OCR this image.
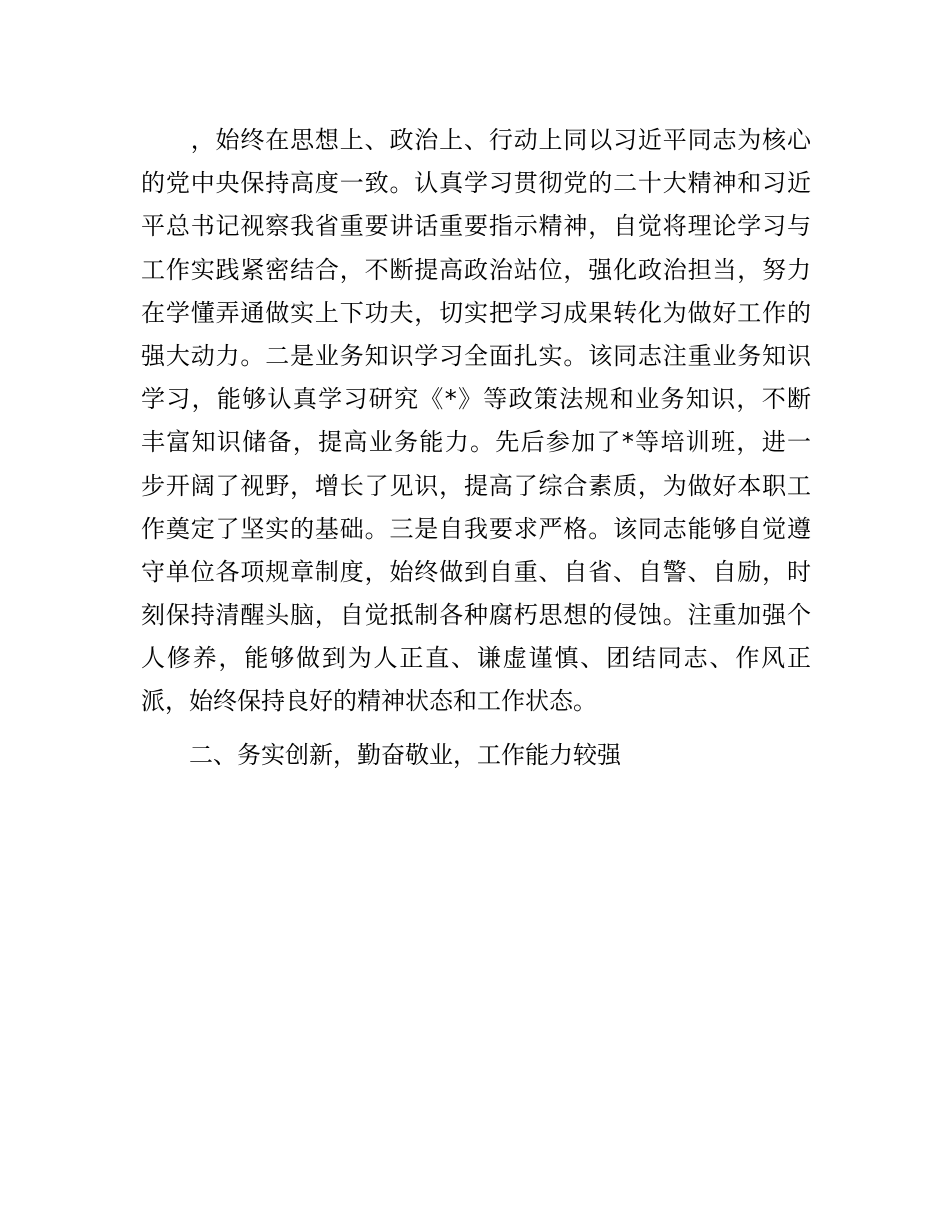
　　，始终在思想上、政治上、行动上同以习近平同志为核心
的党中央保持高度一致。认真学习贯彻党的二十大精神和习近
平总书记视察我省重要讲话重要指示精神，自觉将理论学习与
工作实践紧密结合，不断提高政治站位，强化政治担当，努力
在学懂弄通做实上下功夫，切实把学习成果转化为做好工作的
强大动力。二是业务知识学习全面扎实。该同志注重业务知识
学习，能够认真学习研究《*》等政策法规和业务知识，不断
丰富知识储备，提高业务能力。先后参加了*等培训班，进一
步开阔了视野，增长了见识，提高了综合素质，为做好本职工
作奠定了坚实的基础。三是自我要求严格。该同志能够自觉遵
守单位各项规章制度，始终做到自重、自省、自警、自励，时
刻保持清醒头脑，自觉抵制各种腐朽思想的侵蚀。注重加强个
人修养，能够做到为人正直、谦虚谨慎、团结同志、作风正
派，始终保持良好的精神状态和工作状态。
二、务实创新，勤奋敬业，工作能力较强
